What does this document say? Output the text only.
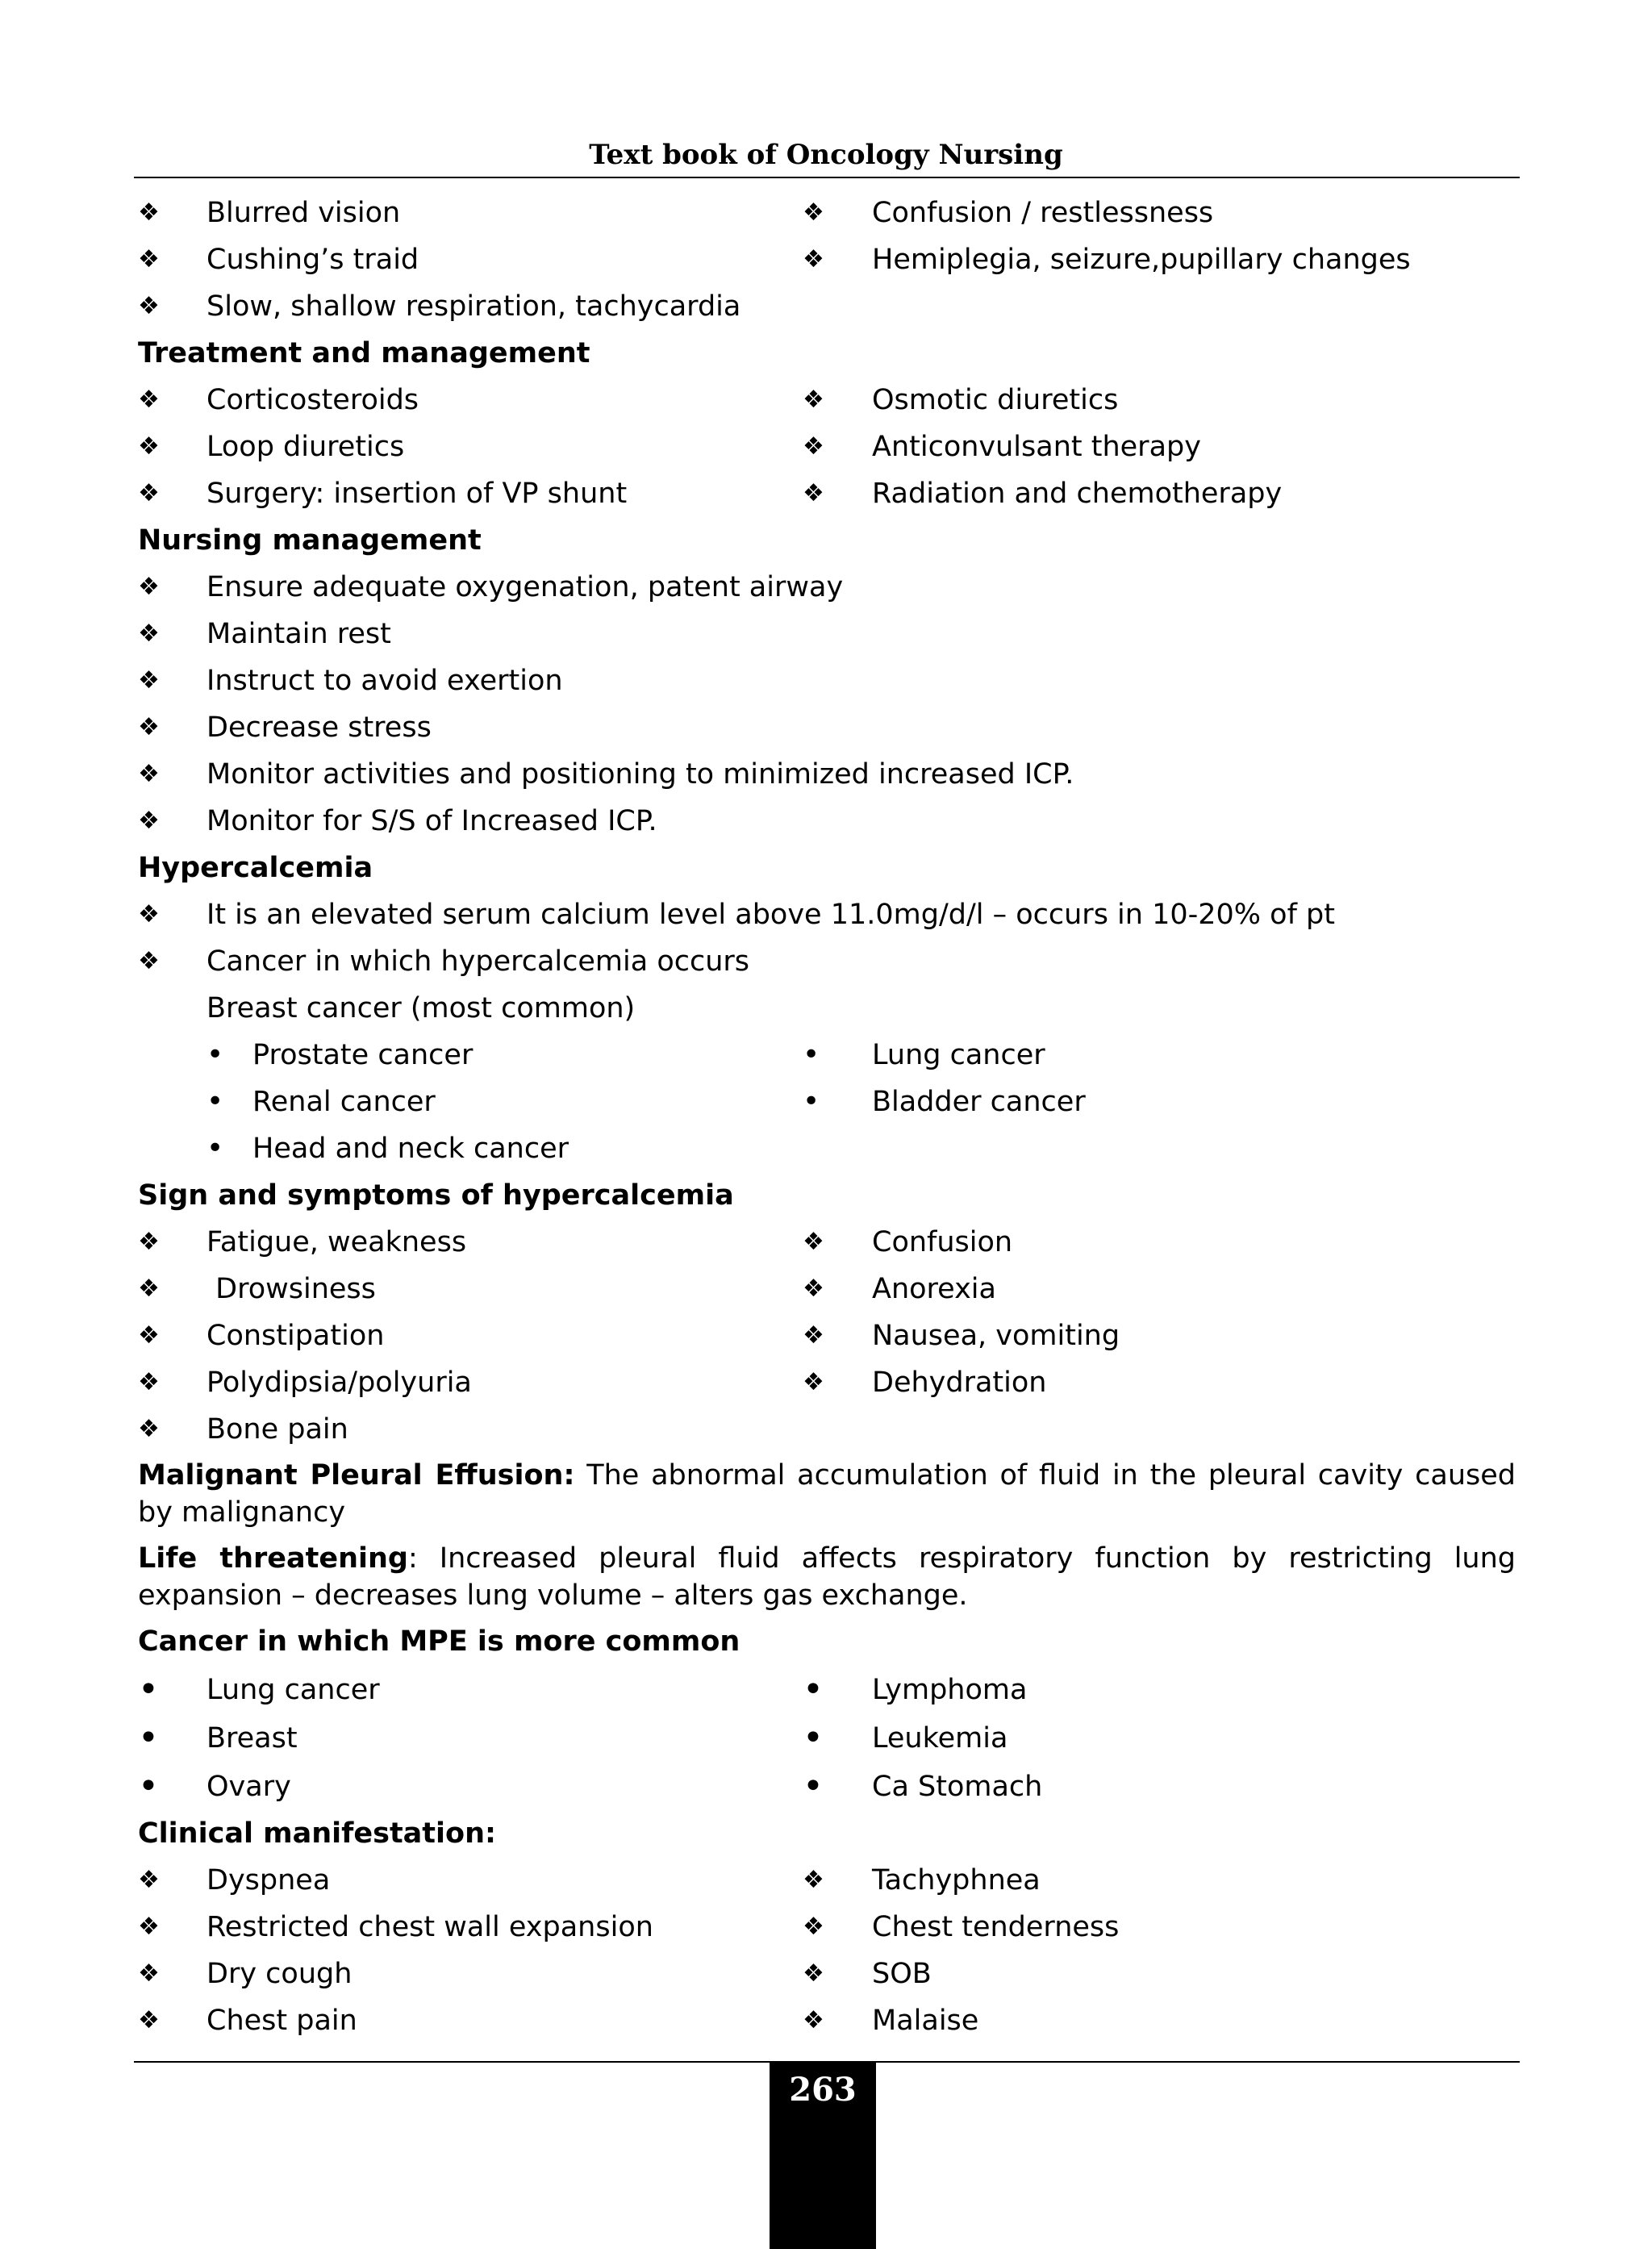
Text book of Oncology Nursing
❖ Blurred vision	❖ Confusion / restlessness
❖ Cushing’s traid	❖ Hemiplegia, seizure,pupillary changes
❖ Slow, shallow respiration, tachycardia
Treatment and management
❖ Corticosteroids	❖ Osmotic diuretics
❖ Loop diuretics	❖ Anticonvulsant therapy
❖ Surgery: insertion of VP shunt	❖ Radiation and chemotherapy
Nursing management
❖ Ensure adequate oxygenation, patent airway
❖ Maintain rest
❖ Instruct to avoid exertion
❖ Decrease stress
❖ Monitor activities and positioning to minimized increased ICP.
❖ Monitor for S/S of Increased ICP.
Hypercalcemia
❖ It is an elevated serum calcium level above 11.0mg/d/l – occurs in 10-20% of pt
❖ Cancer in which hypercalcemia occurs
Breast cancer (most common)
• Prostate cancer	• Lung cancer
• Renal cancer	• Bladder cancer
• Head and neck cancer
Sign and symptoms of hypercalcemia
❖ Fatigue, weakness	❖ Confusion
❖ Drowsiness	❖ Anorexia
❖ Constipation	❖ Nausea, vomiting
❖ Polydipsia/polyuria	❖ Dehydration
❖ Bone pain
Malignant Pleural Effusion: The abnormal accumulation of fluid in the pleural cavity caused by malignancy
Life threatening: Increased pleural fluid affects respiratory function by restricting lung expansion – decreases lung volume – alters gas exchange.
Cancer in which MPE is more common
• Lung cancer	• Lymphoma
• Breast	• Leukemia
• Ovary	• Ca Stomach
Clinical manifestation:
❖ Dyspnea	❖ Tachyphnea
❖ Restricted chest wall expansion	❖ Chest tenderness
❖ Dry cough	❖ SOB
❖ Chest pain	❖ Malaise
263
